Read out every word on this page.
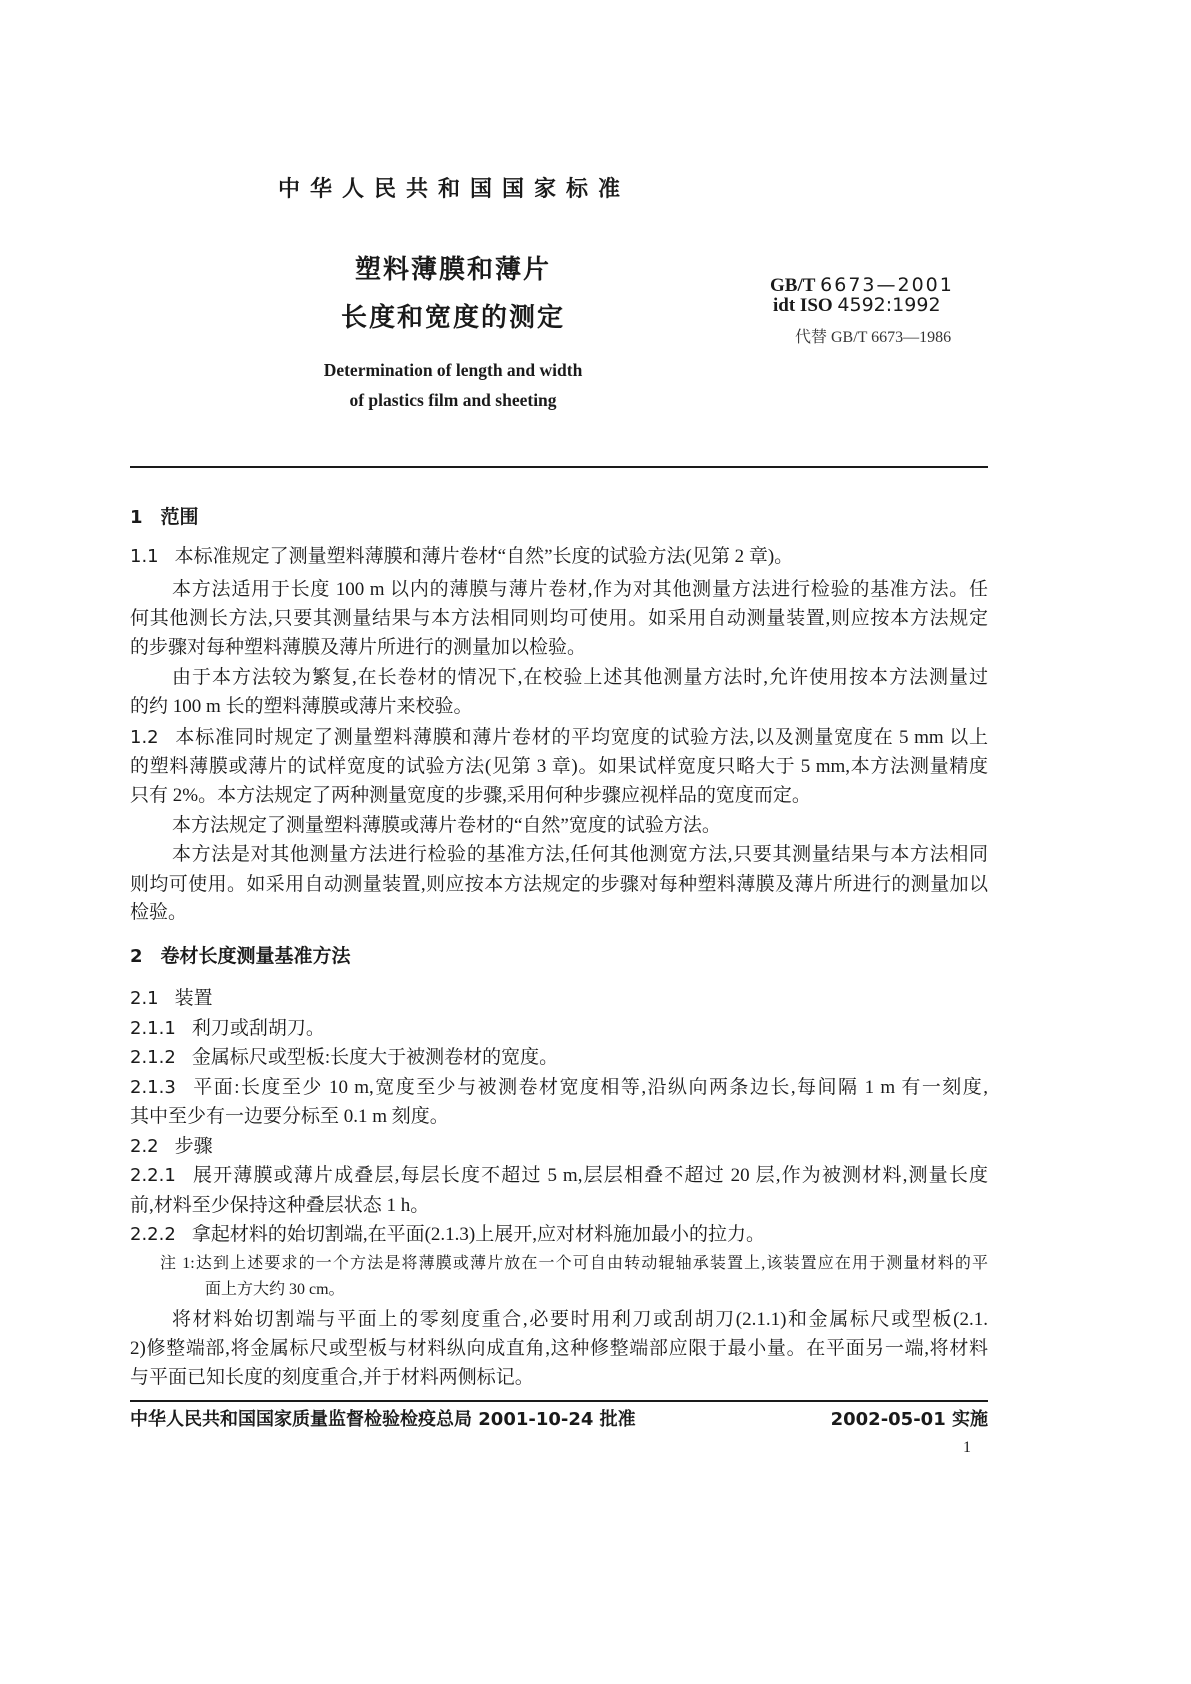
中华人民共和国国家标准
塑料薄膜和薄片
长度和宽度的测定
GB/T 6673—2001
idt ISO 4592:1992
代替 GB/T 6673—1986
Determination of length and width
of plastics film and sheeting
1 范围
1.1 本标准规定了测量塑料薄膜和薄片卷材“自然”长度的试验方法(见第 2 章)。
本方法适用于长度 100 m 以内的薄膜与薄片卷材,作为对其他测量方法进行检验的基准方法。任
何其他测长方法,只要其测量结果与本方法相同则均可使用。如采用自动测量装置,则应按本方法规定
的步骤对每种塑料薄膜及薄片所进行的测量加以检验。
由于本方法较为繁复,在长卷材的情况下,在校验上述其他测量方法时,允许使用按本方法测量过
的约 100 m 长的塑料薄膜或薄片来校验。
1.2 本标准同时规定了测量塑料薄膜和薄片卷材的平均宽度的试验方法,以及测量宽度在 5 mm 以上
的塑料薄膜或薄片的试样宽度的试验方法(见第 3 章)。如果试样宽度只略大于 5 mm,本方法测量精度
只有 2%。本方法规定了两种测量宽度的步骤,采用何种步骤应视样品的宽度而定。
本方法规定了测量塑料薄膜或薄片卷材的“自然”宽度的试验方法。
本方法是对其他测量方法进行检验的基准方法,任何其他测宽方法,只要其测量结果与本方法相同
则均可使用。如采用自动测量装置,则应按本方法规定的步骤对每种塑料薄膜及薄片所进行的测量加以
检验。
2 卷材长度测量基准方法
2.1 装置
2.1.1 利刀或刮胡刀。
2.1.2 金属标尺或型板:长度大于被测卷材的宽度。
2.1.3 平面:长度至少 10 m,宽度至少与被测卷材宽度相等,沿纵向两条边长,每间隔 1 m 有一刻度,
其中至少有一边要分标至 0.1 m 刻度。
2.2 步骤
2.2.1 展开薄膜或薄片成叠层,每层长度不超过 5 m,层层相叠不超过 20 层,作为被测材料,测量长度
前,材料至少保持这种叠层状态 1 h。
2.2.2 拿起材料的始切割端,在平面(2.1.3)上展开,应对材料施加最小的拉力。
注 1:达到上述要求的一个方法是将薄膜或薄片放在一个可自由转动辊轴承装置上,该装置应在用于测量材料的平
面上方大约 30 cm。
将材料始切割端与平面上的零刻度重合,必要时用利刀或刮胡刀(2.1.1)和金属标尺或型板(2.1.
2)修整端部,将金属标尺或型板与材料纵向成直角,这种修整端部应限于最小量。在平面另一端,将材料
与平面已知长度的刻度重合,并于材料两侧标记。
中华人民共和国国家质量监督检验检疫总局 2001-10-24 批准	2002-05-01 实施
1
